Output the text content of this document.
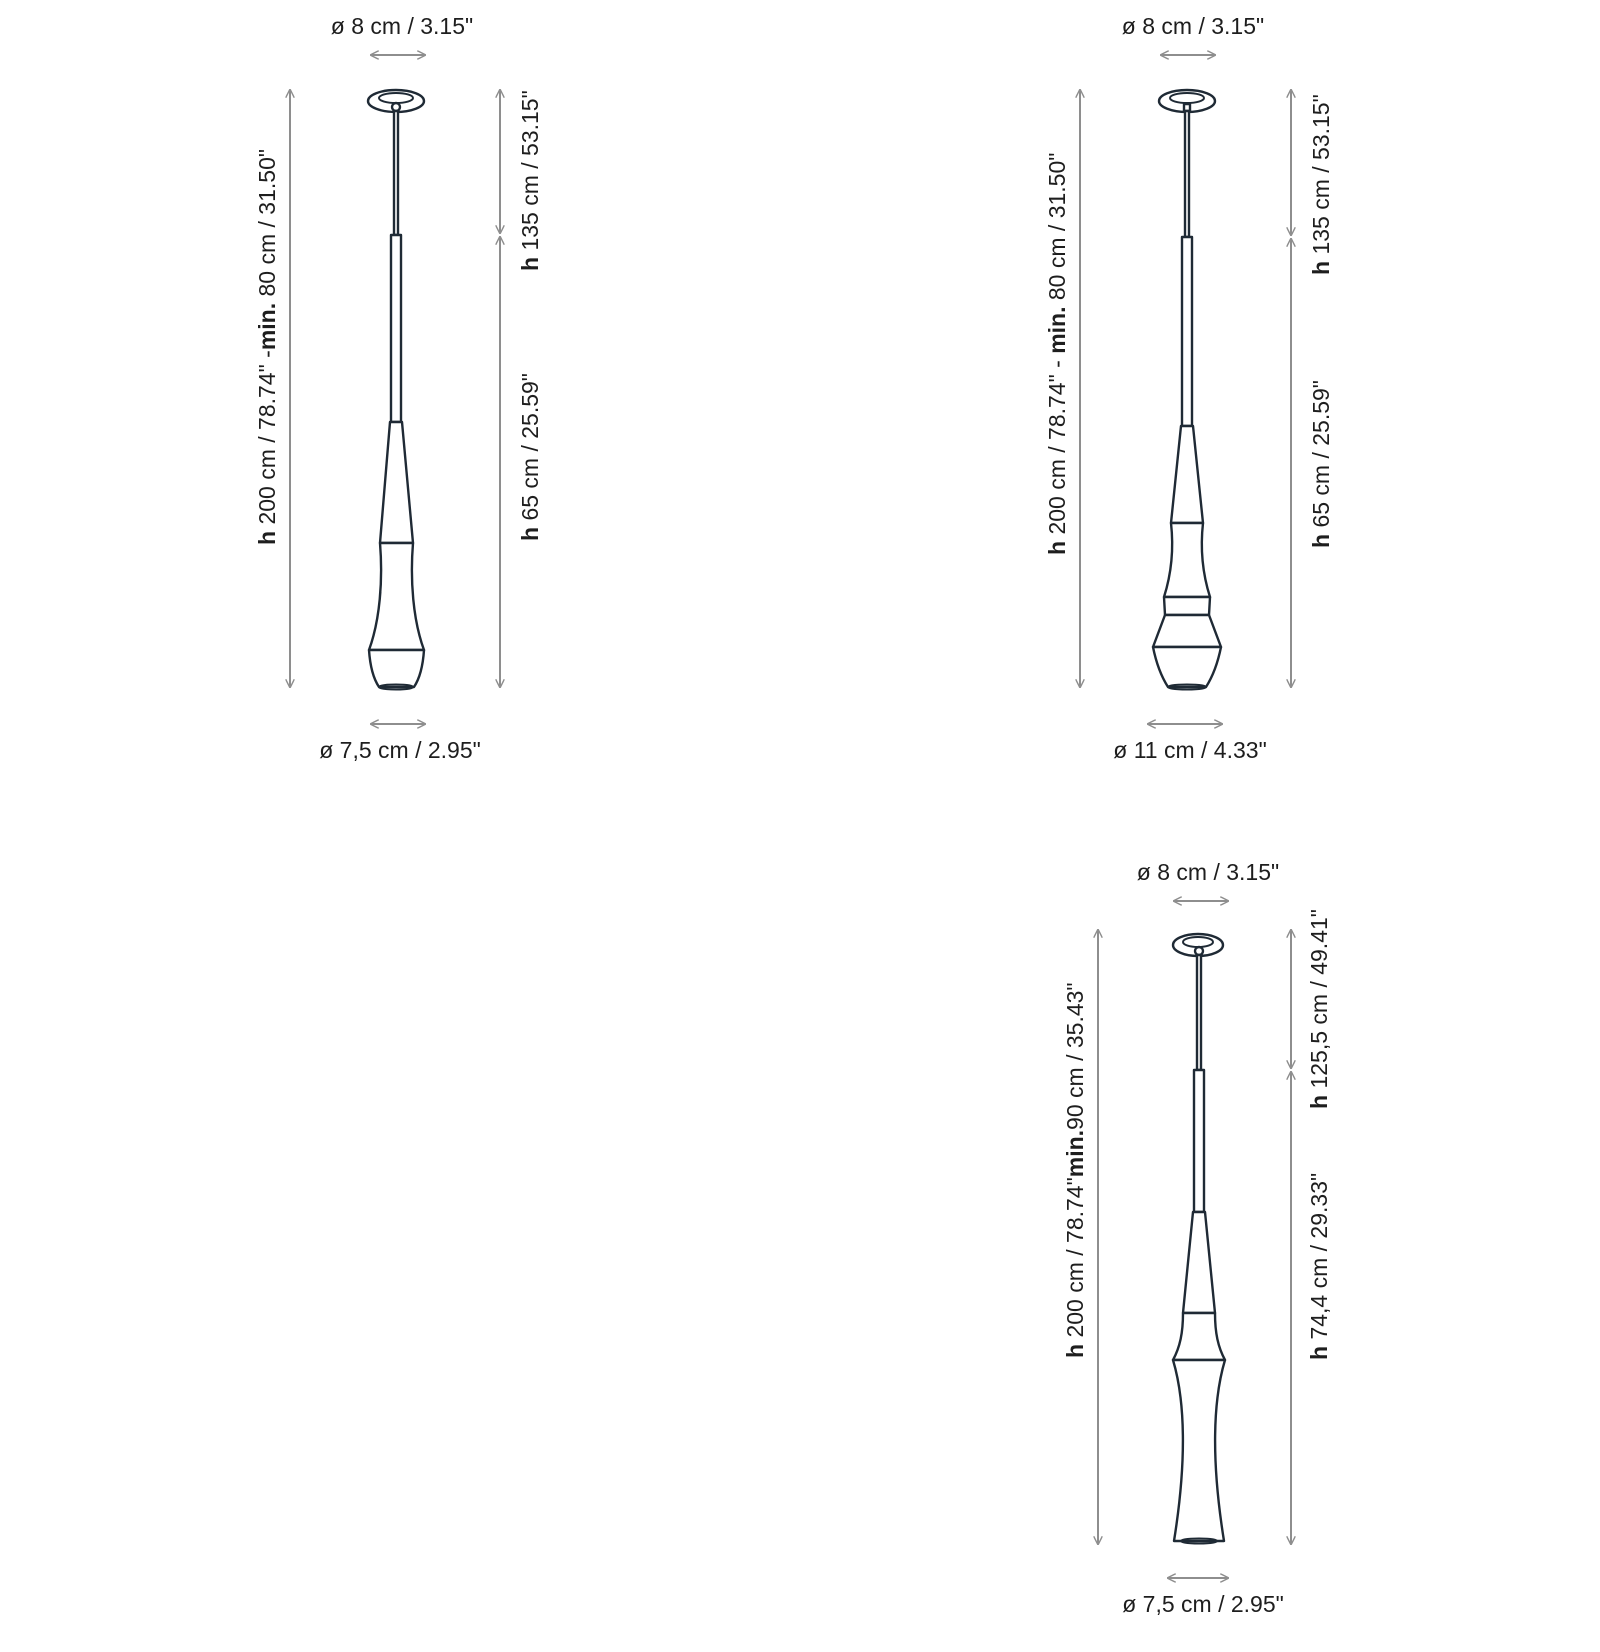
ø 8 cm / 3.15"
h 200 cm / 78.74" -min. 80 cm / 31.50"	h 135 cm / 53.15"
h 65 cm / 25.59"
ø 7,5 cm / 2.95"
ø 8 cm / 3.15"
h 200 cm / 78.74" - min. 80 cm / 31.50"	h 135 cm / 53.15"
h 65 cm / 25.59"
ø 11 cm / 4.33"
ø 8 cm / 3.15"
h 200 cm / 78.74"min.90 cm / 35.43"	h 125,5 cm / 49.41"
h 74,4 cm / 29.33"
ø 7,5 cm / 2.95"
